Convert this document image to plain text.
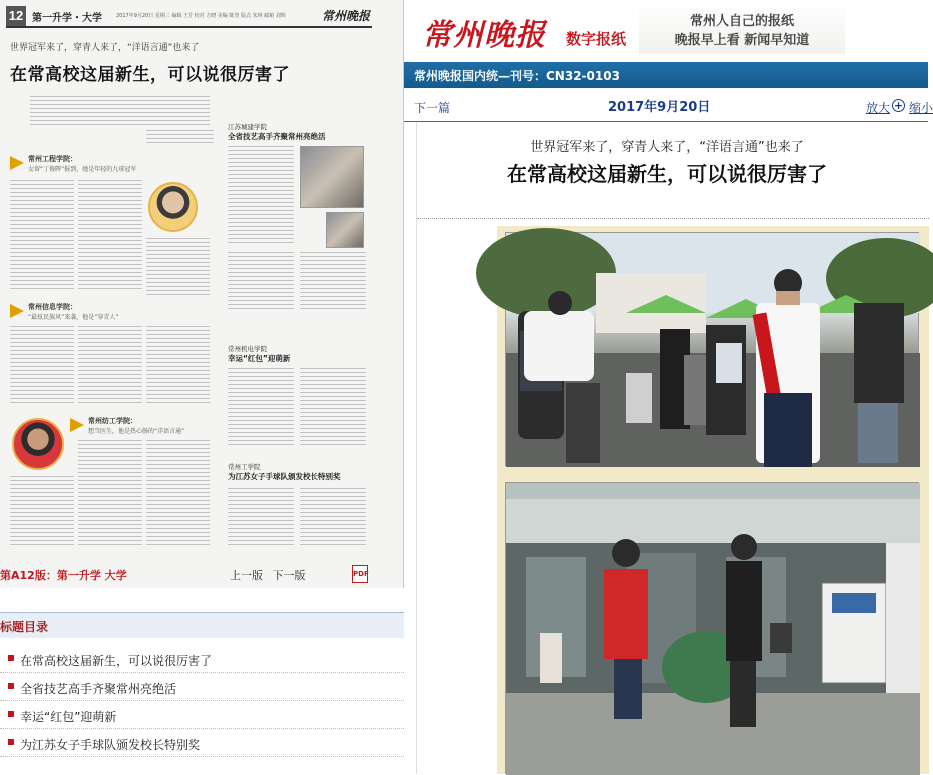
12 第一升学・大学	2017年9月20日 星期三 编辑 王芳 校对 方晓 美编 陈坚 版式 朱林 邮箱 刘辉	常州晚报
世界冠军来了，穿青人来了，“洋语言通”也来了
在常高校这届新生，可以说很厉害了
常州工程学院：
女留“丁俊晖”报到，她是年轻的九球冠军
常州信息学院：
“最炫民族风”来袭，他是“穿青人”
常州纺工学院：
想当医生，他是热心肠的“洋语言通”
江苏城建学院
全省技艺高手齐聚常州亮绝活
常州机电学院
幸运“红包”迎萌新
常州工学院
为江苏女子手球队颁发校长特别奖
第A12版：第一升学 大学	上一版 下一版	PDF
标题目录
在常高校这届新生，可以说很厉害了
全省技艺高手齐聚常州亮绝活
幸运“红包”迎萌新
为江苏女子手球队颁发校长特别奖
常州晚报 数字报纸
常州人自己的报纸
晚报早上看 新闻早知道
常州晚报国内统—刊号：CN32-0103
下一篇	2017年9月20日	放大 + 缩小
世界冠军来了，穿青人来了，“洋语言通”也来了
在常高校这届新生，可以说很厉害了
